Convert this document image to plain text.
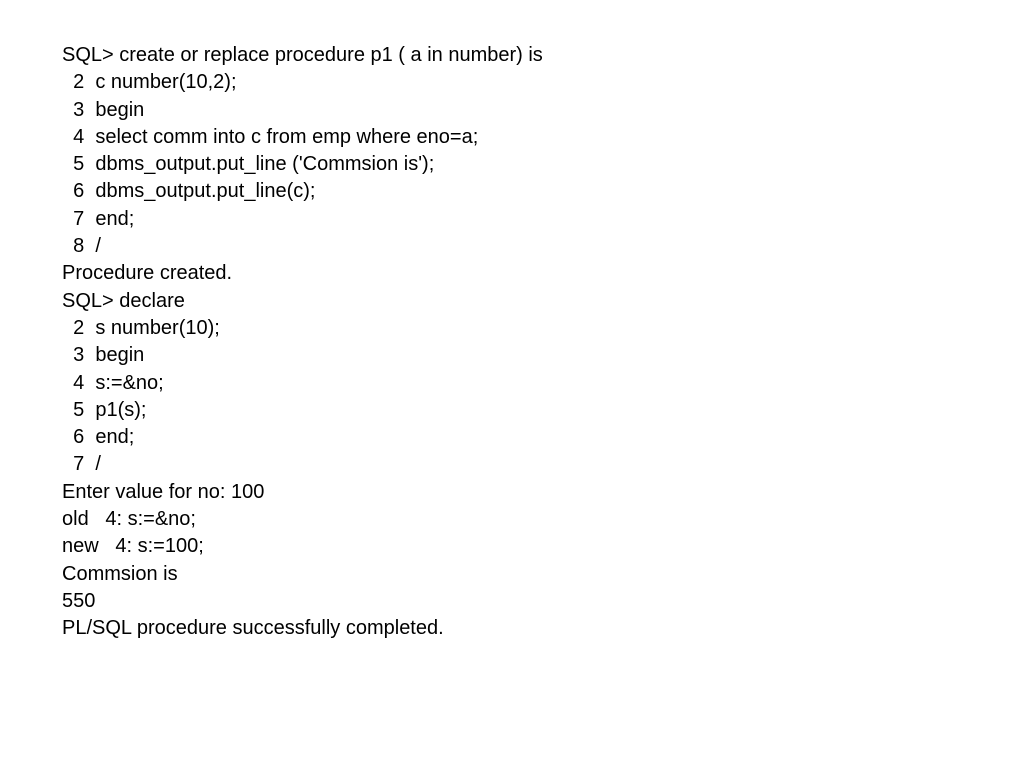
SQL> create or replace procedure p1 ( a in number) is
2  c number(10,2);
3  begin
4  select comm into c from emp where eno=a;
5  dbms_output.put_line ('Commsion is');
6  dbms_output.put_line(c);
7  end;
8  /
Procedure created.
SQL> declare
2  s number(10);
3  begin
4  s:=&no;
5  p1(s);
6  end;
7  /
Enter value for no: 100
old   4: s:=&no;
new   4: s:=100;
Commsion is
550
PL/SQL procedure successfully completed.
